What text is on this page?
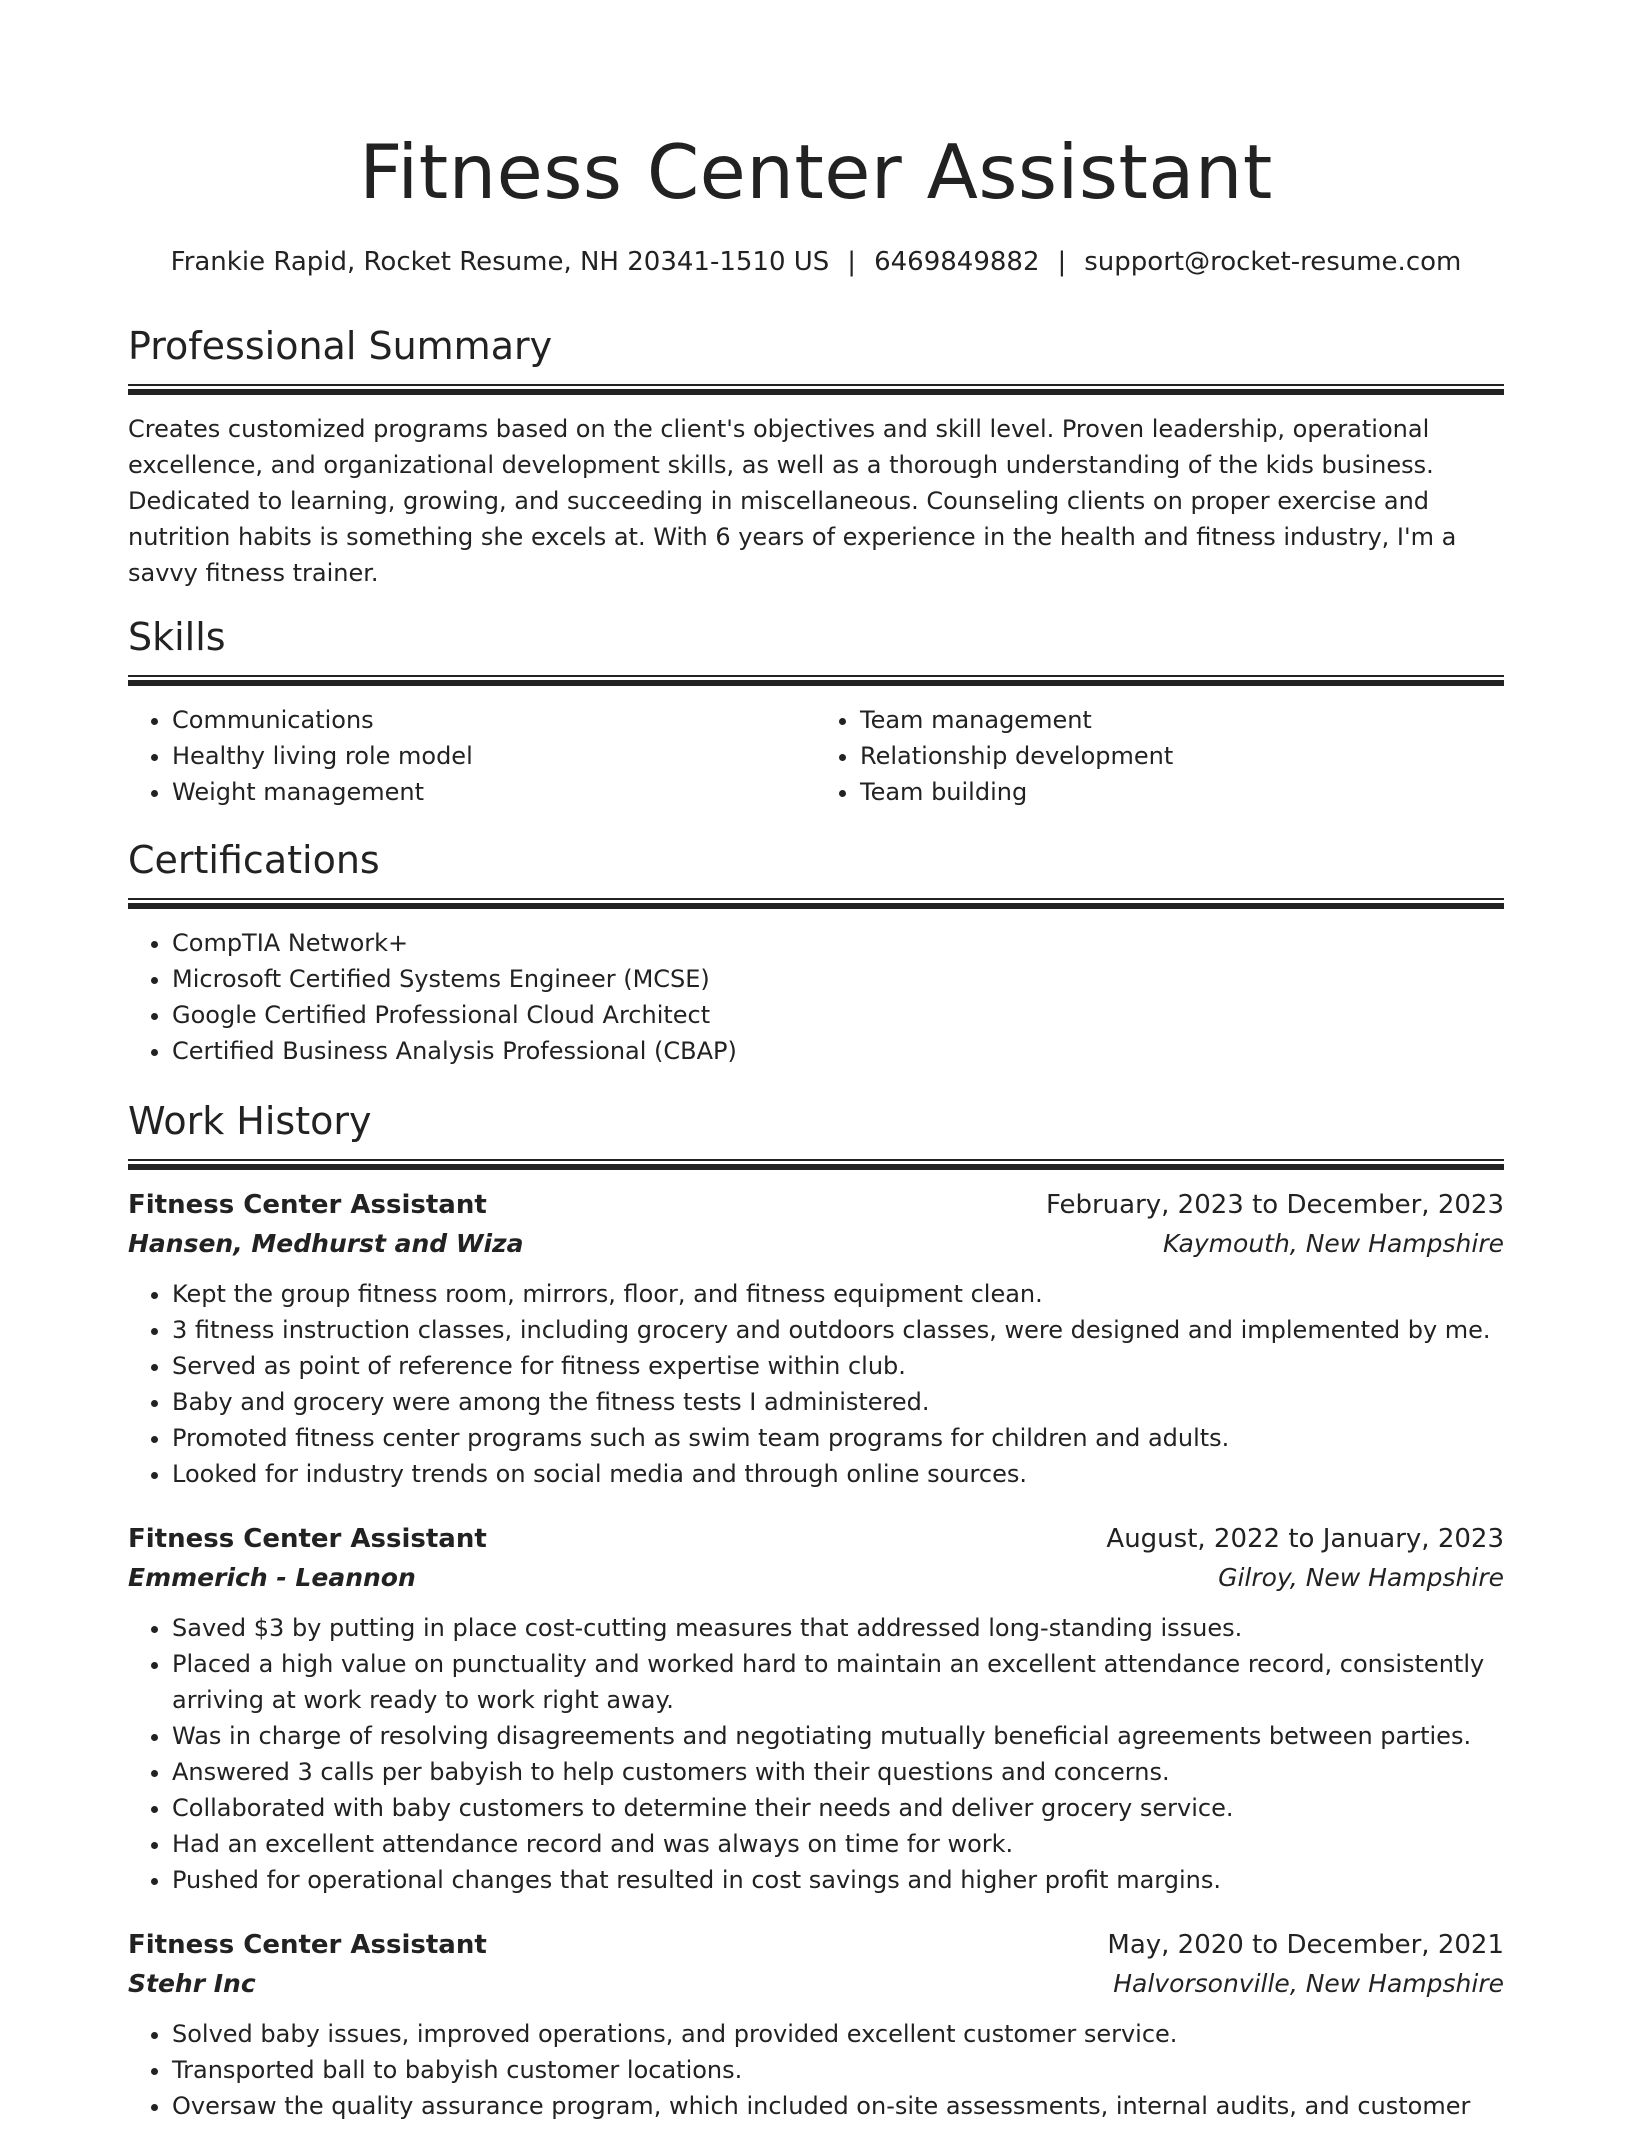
Fitness Center Assistant
Frankie Rapid, Rocket Resume, NH 20341-1510 US | 6469849882 | support@rocket-resume.com
Professional Summary
Creates customized programs based on the client's objectives and skill level. Proven leadership, operational excellence, and organizational development skills, as well as a thorough understanding of the kids business. Dedicated to learning, growing, and succeeding in miscellaneous. Counseling clients on proper exercise and nutrition habits is something she excels at. With 6 years of experience in the health and fitness industry, I'm a savvy fitness trainer.
Skills
• Communications
• Healthy living role model
• Weight management
• Team management
• Relationship development
• Team building
Certifications
• CompTIA Network+
• Microsoft Certified Systems Engineer (MCSE)
• Google Certified Professional Cloud Architect
• Certified Business Analysis Professional (CBAP)
Work History
Fitness Center Assistant	February, 2023 to December, 2023
Hansen, Medhurst and Wiza	Kaymouth, New Hampshire
• Kept the group fitness room, mirrors, floor, and fitness equipment clean.
• 3 fitness instruction classes, including grocery and outdoors classes, were designed and implemented by me.
• Served as point of reference for fitness expertise within club.
• Baby and grocery were among the fitness tests I administered.
• Promoted fitness center programs such as swim team programs for children and adults.
• Looked for industry trends on social media and through online sources.
Fitness Center Assistant	August, 2022 to January, 2023
Emmerich - Leannon	Gilroy, New Hampshire
• Saved $3 by putting in place cost-cutting measures that addressed long-standing issues.
• Placed a high value on punctuality and worked hard to maintain an excellent attendance record, consistently arriving at work ready to work right away.
• Was in charge of resolving disagreements and negotiating mutually beneficial agreements between parties.
• Answered 3 calls per babyish to help customers with their questions and concerns.
• Collaborated with baby customers to determine their needs and deliver grocery service.
• Had an excellent attendance record and was always on time for work.
• Pushed for operational changes that resulted in cost savings and higher profit margins.
Fitness Center Assistant	May, 2020 to December, 2021
Stehr Inc	Halvorsonville, New Hampshire
• Solved baby issues, improved operations, and provided excellent customer service.
• Transported ball to babyish customer locations.
• Oversaw the quality assurance program, which included on-site assessments, internal audits, and customer
